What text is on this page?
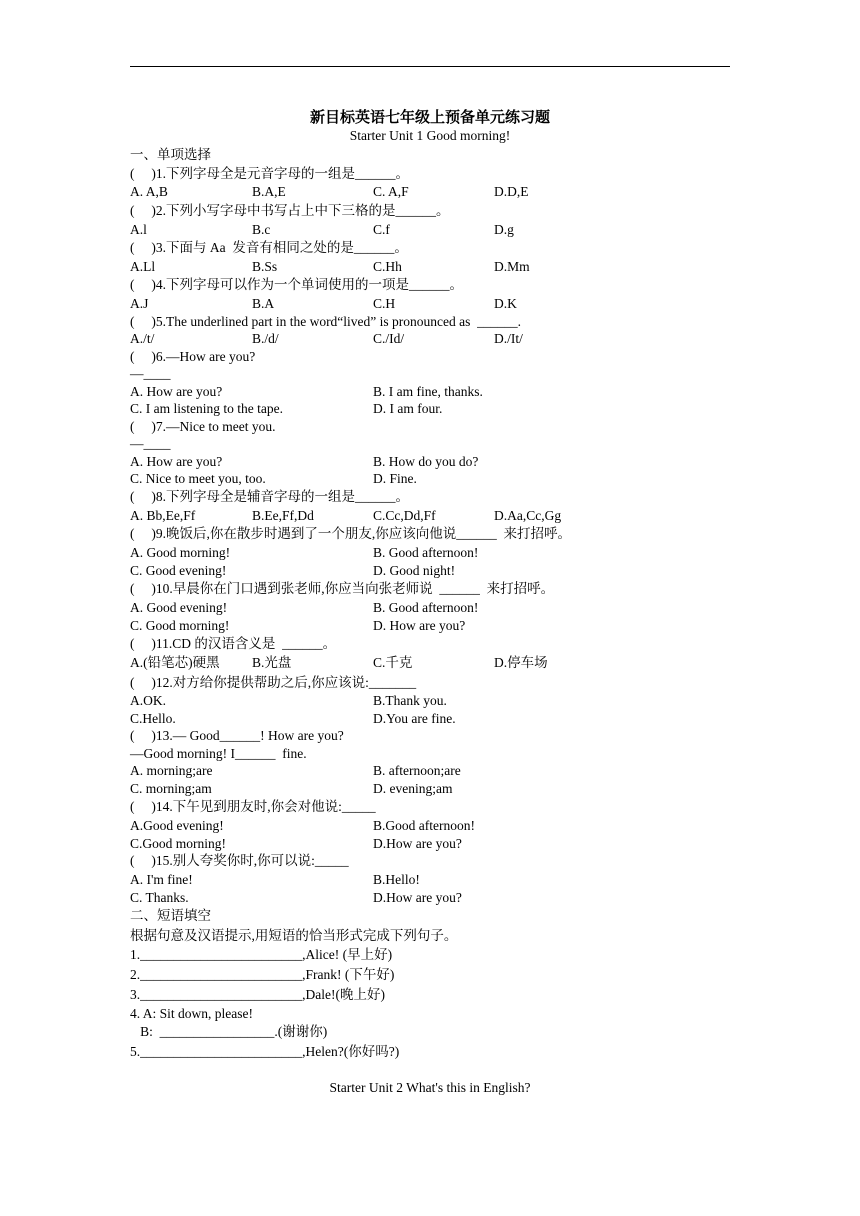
新目标英语七年级上预备单元练习题
Starter Unit 1 Good morning!
一、单项选择
(     )1.下列字母全是元音字母的一组是______。
A. A,B	B.A,E	C. A,F	D.D,E
(     )2.下列小写字母中书写占上中下三格的是______。
A.l	B.c	C.f	D.g
(     )3.下面与 Aa  发音有相同之处的是______。
A.Ll	B.Ss	C.Hh	D.Mm
(     )4.下列字母可以作为一个单词使用的一项是______。
A.J	B.A	C.H	D.K
(     )5.The underlined part in the word“lived” is pronounced as  ______.
A./t/	B./d/	C./Id/	D./It/
(     )6.—How are you?
—____
A. How are you?	B. I am fine, thanks.
C. I am listening to the tape.	D. I am four.
(     )7.—Nice to meet you.
—____
A. How are you?	B. How do you do?
C. Nice to meet you, too.	D. Fine.
(     )8.下列字母全是辅音字母的一组是______。
A. Bb,Ee,Ff	B.Ee,Ff,Dd	C.Cc,Dd,Ff	D.Aa,Cc,Gg
(     )9.晚饭后,你在散步时遇到了一个朋友,你应该向他说______  来打招呼。
A. Good morning!	B. Good afternoon!
C. Good evening!	D. Good night!
(     )10.早晨你在门口遇到张老师,你应当向张老师说  ______  来打招呼。
A. Good evening!	B. Good afternoon!
C. Good morning!	D. How are you?
(     )11.CD 的汉语含义是  ______。
A.(铅笔芯)硬黑 B.光盘	C.千克	D.停车场
(     )12.对方给你提供帮助之后,你应该说:_______
A.OK.	B.Thank you.
C.Hello.	D.You are fine.
(     )13.— Good______! How are you?
—Good morning! I______  fine.
A. morning;are	B. afternoon;are
C. morning;am	D. evening;am
(     )14.下午见到朋友时,你会对他说:_____
A.Good evening!	B.Good afternoon!
C.Good morning!	D.How are you?
(     )15.别人夸奖你时,你可以说:_____
A. I'm fine!	B.Hello!
C. Thanks.	D.How are you?
二、短语填空
根据句意及汉语提示,用短语的恰当形式完成下列句子。
1.________________________,Alice! (早上好)
2.________________________,Frank! (下午好)
3.________________________,Dale!(晚上好)
4. A: Sit down, please!
B:  _________________.(谢谢你)
5.________________________,Helen?(你好吗?)
Starter Unit 2 What's this in English?
